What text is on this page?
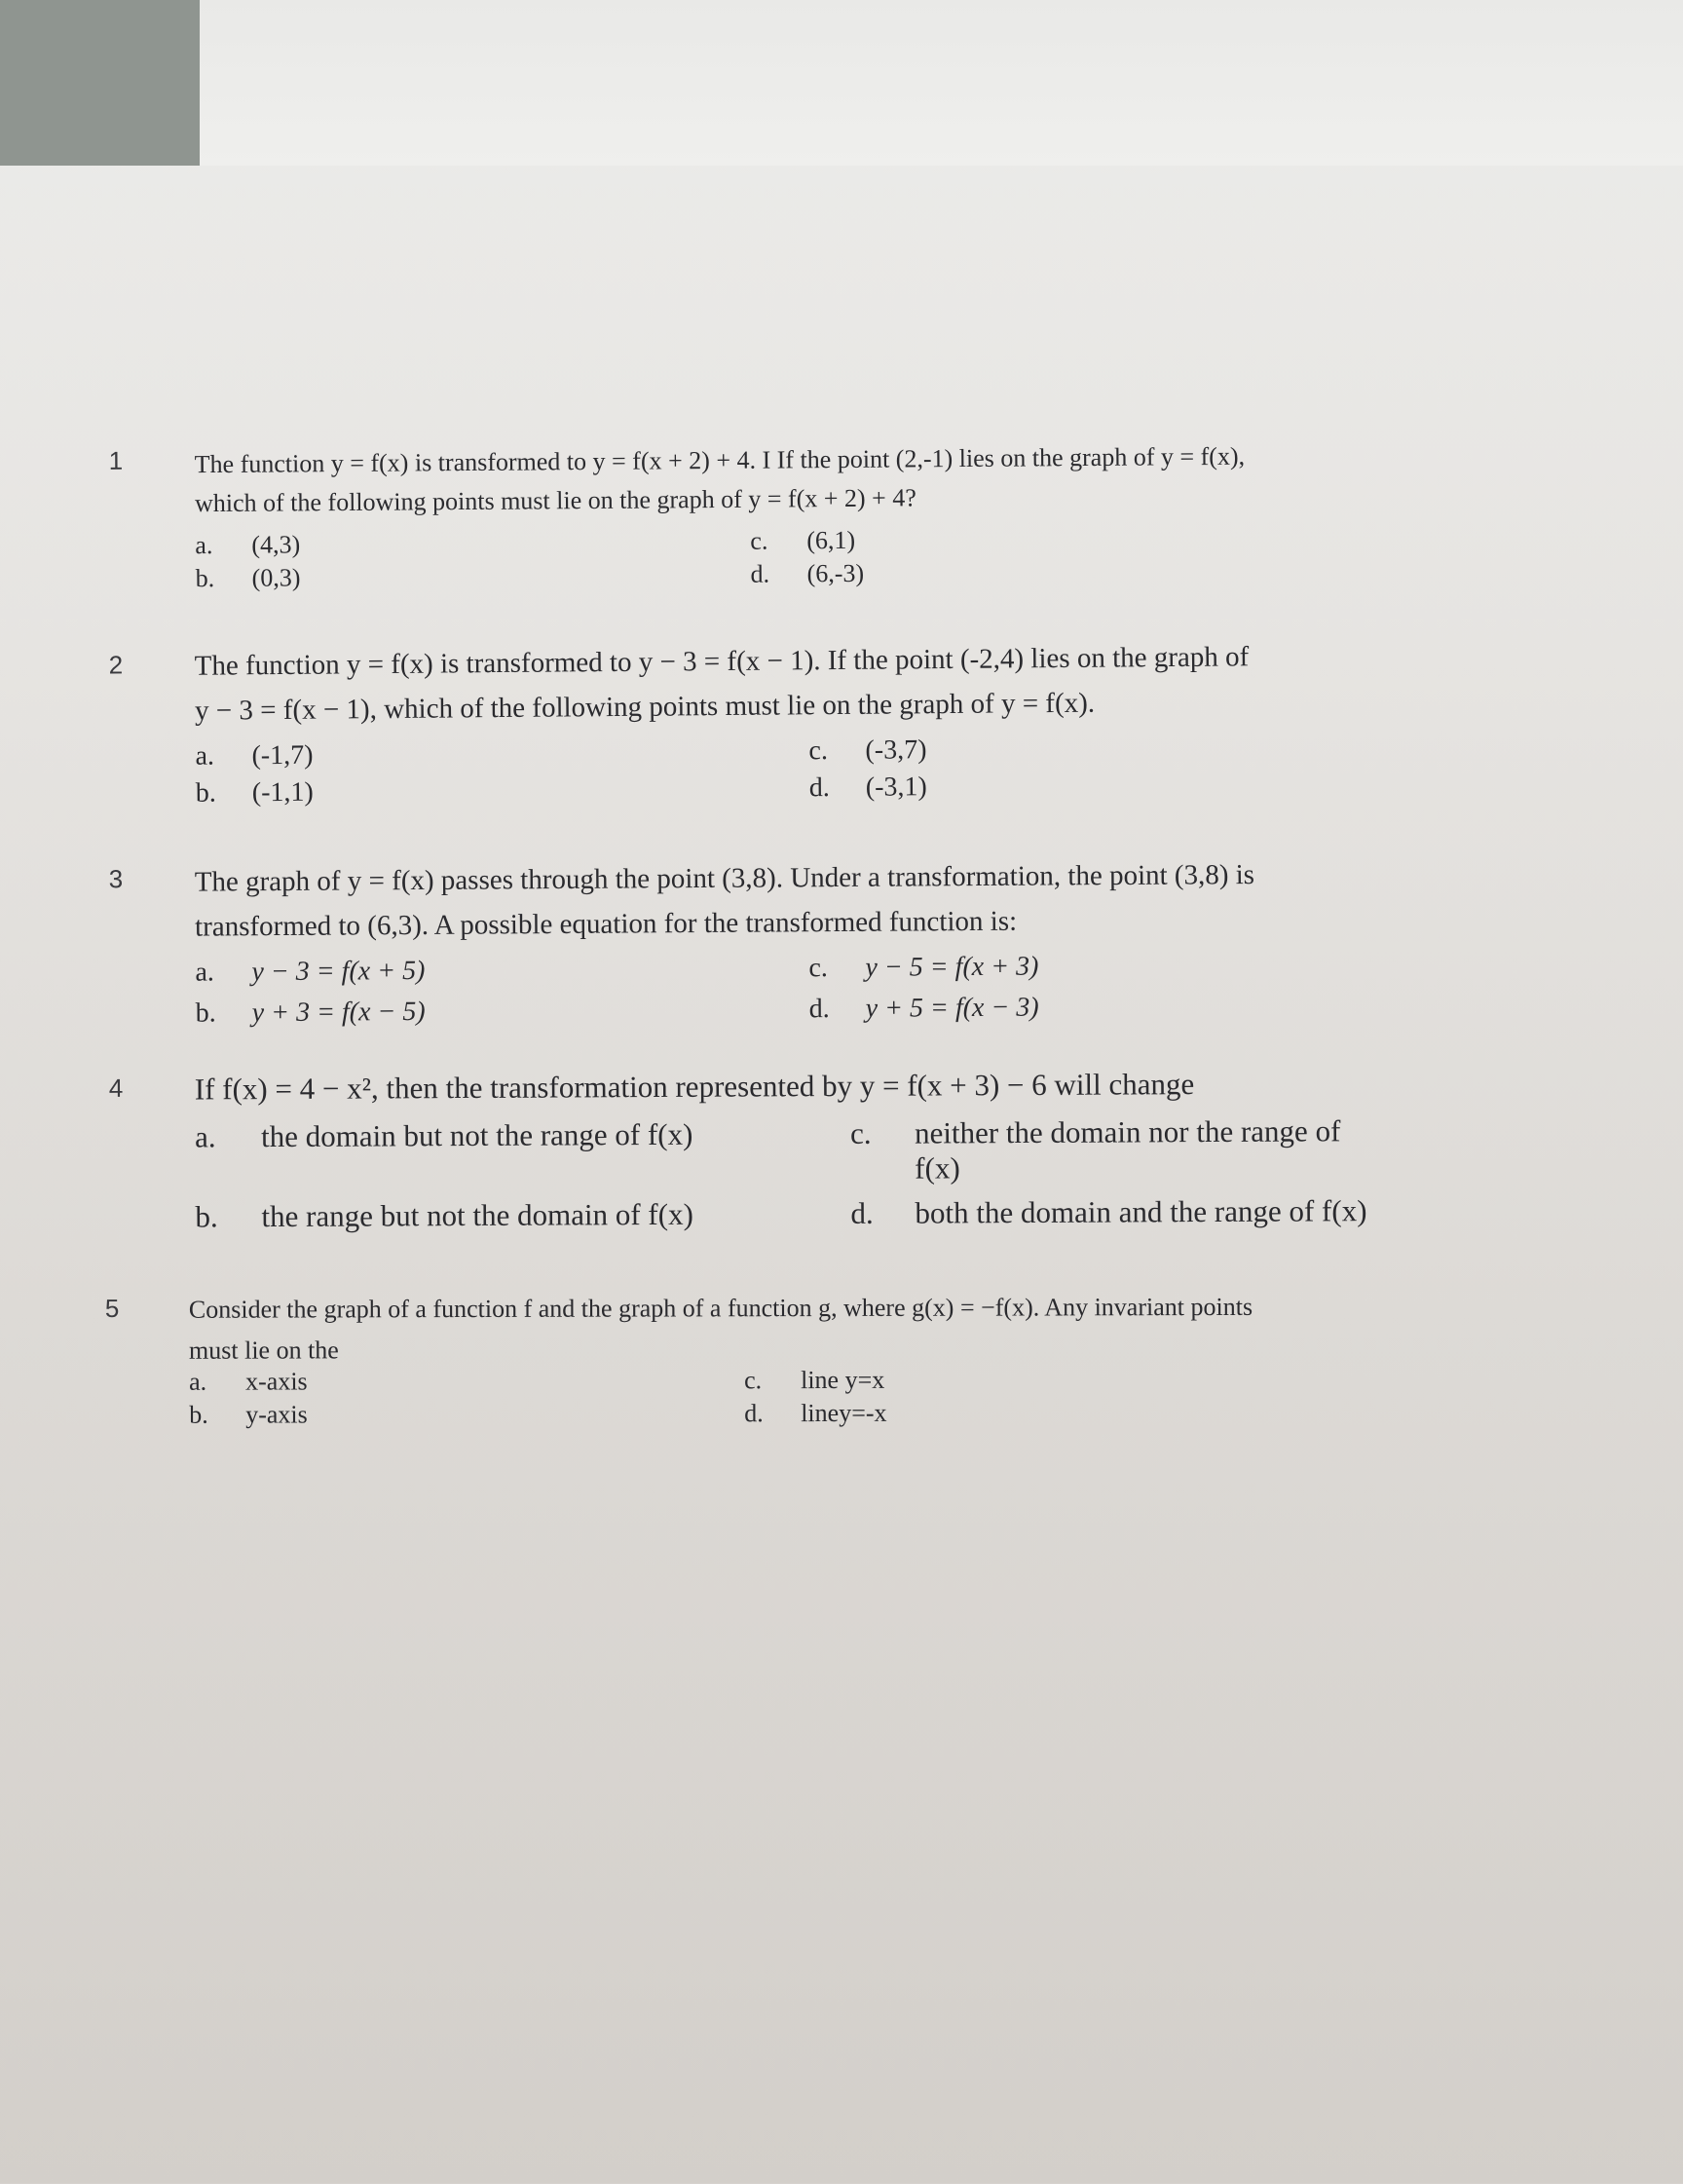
1	The function y = f(x) is transformed to y = f(x + 2) + 4. I If the point (2,-1) lies on the graph of y = f(x),
which of the following points must lie on the graph of y = f(x + 2) + 4?
a. (4,3)
b. (0,3)
c. (6,1)
d. (6,-3)
2	The function y = f(x) is transformed to y − 3 = f(x − 1). If the point (-2,4) lies on the graph of
y − 3 = f(x − 1), which of the following points must lie on the graph of y = f(x).
a. (-1,7)
b. (-1,1)
c. (-3,7)
d. (-3,1)
3	The graph of y = f(x) passes through the point (3,8). Under a transformation, the point (3,8) is
transformed to (6,3). A possible equation for the transformed function is:
a. y − 3 = f(x + 5)
b. y + 3 = f(x − 5)
c. y − 5 = f(x + 3)
d. y + 5 = f(x − 3)
4 If f(x) = 4 − x², then the transformation represented by y = f(x + 3) − 6 will change
a. the domain but not the range of f(x)
b. the range but not the domain of f(x)
c. neither the domain nor the range of
f(x)
d. both the domain and the range of f(x)
5	Consider the graph of a function f and the graph of a function g, where g(x) = −f(x). Any invariant points
must lie on the
a. x-axis
b. y-axis
c. line y=x
d. liney=-x
